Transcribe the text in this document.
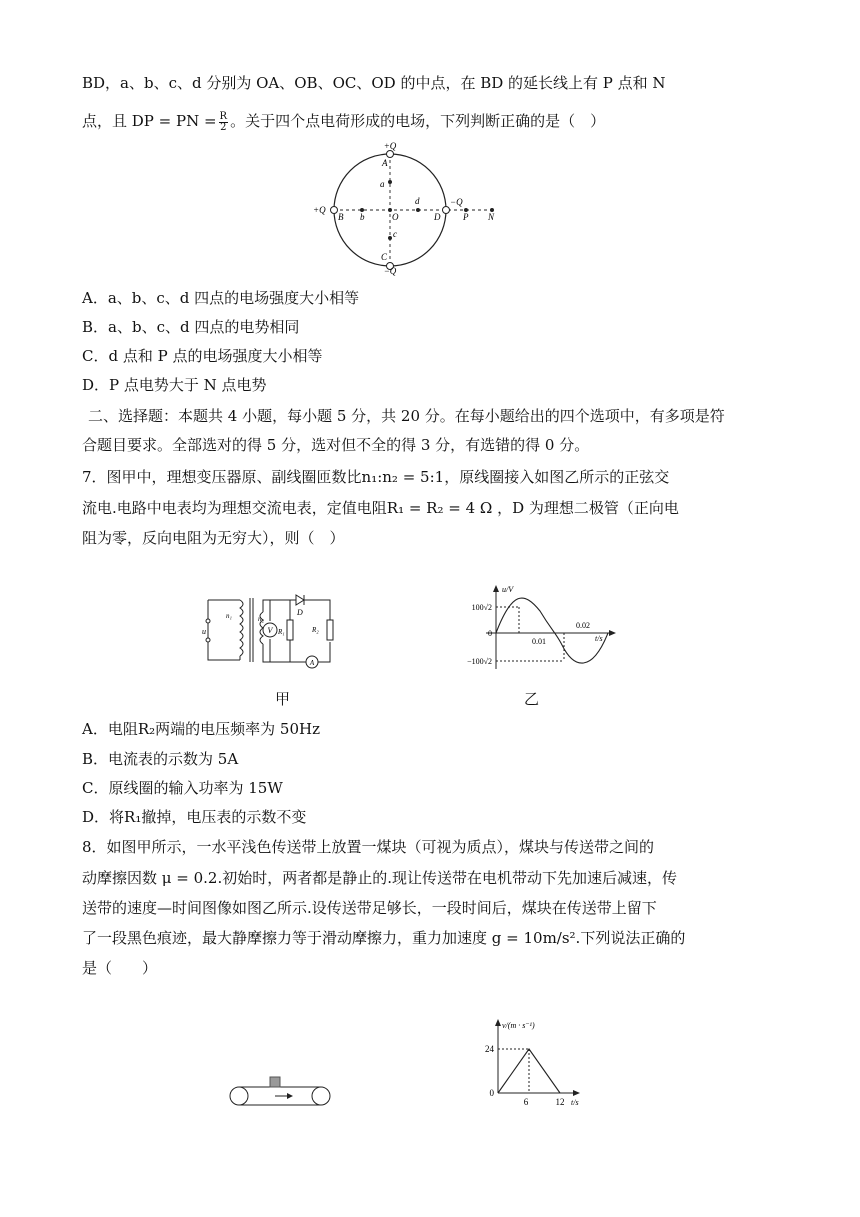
BD，a、b、c、d 分别为 OA、OB、OC、OD 的中点，在 BD 的延长线上有 P 点和 N
点，且 DP = PN = $\frac{R}{2}$ 。关于四个点电荷形成的电场，下列判断正确的是（　）
+Q
A
a
+Q
B b	O
d
D
−Q
P N
c
C
−Q
A．a、b、c、d 四点的电场强度大小相等
B．a、b、c、d 四点的电势相同
C．d 点和 P 点的电场强度大小相等
D．P 点电势大于 N 点电势
二、选择题：本题共 4 小题，每小题 5 分，共 20 分。在每小题给出的四个选项中，有多项是符
合题目要求。全部选对的得 5 分，选对但不全的得 3 分，有选错的得 0 分。
7．图甲中，理想变压器原、副线圈匝数比n₁:n₂ = 5:1，原线圈接入如图乙所示的正弦交
流电.电路中电表均为理想交流电表，定值电阻R₁ = R₂ = 4 Ω ，D 为理想二极管（正向电
阻为零，反向电阻为无穷大），则（　）
u
n₁	n₂
V R₁
D
R₂
A
甲
u/V
100√2
0
−100√2
0.01
0.02
t/s
乙
A．电阻R₂两端的电压频率为 50Hz
B．电流表的示数为 5A
C．原线圈的输入功率为 15W
D．将R₁撤掉，电压表的示数不变
8．如图甲所示，一水平浅色传送带上放置一煤块（可视为质点），煤块与传送带之间的
动摩擦因数 μ = 0.2.初始时，两者都是静止的.现让传送带在电机带动下先加速后减速，传
送带的速度—时间图像如图乙所示.设传送带足够长，一段时间后，煤块在传送带上留下
了一段黑色痕迹，最大静摩擦力等于滑动摩擦力，重力加速度 g = 10m/s².下列说法正确的
是（　　）
v/(m · s⁻¹)
24
0
6	12 t/s
